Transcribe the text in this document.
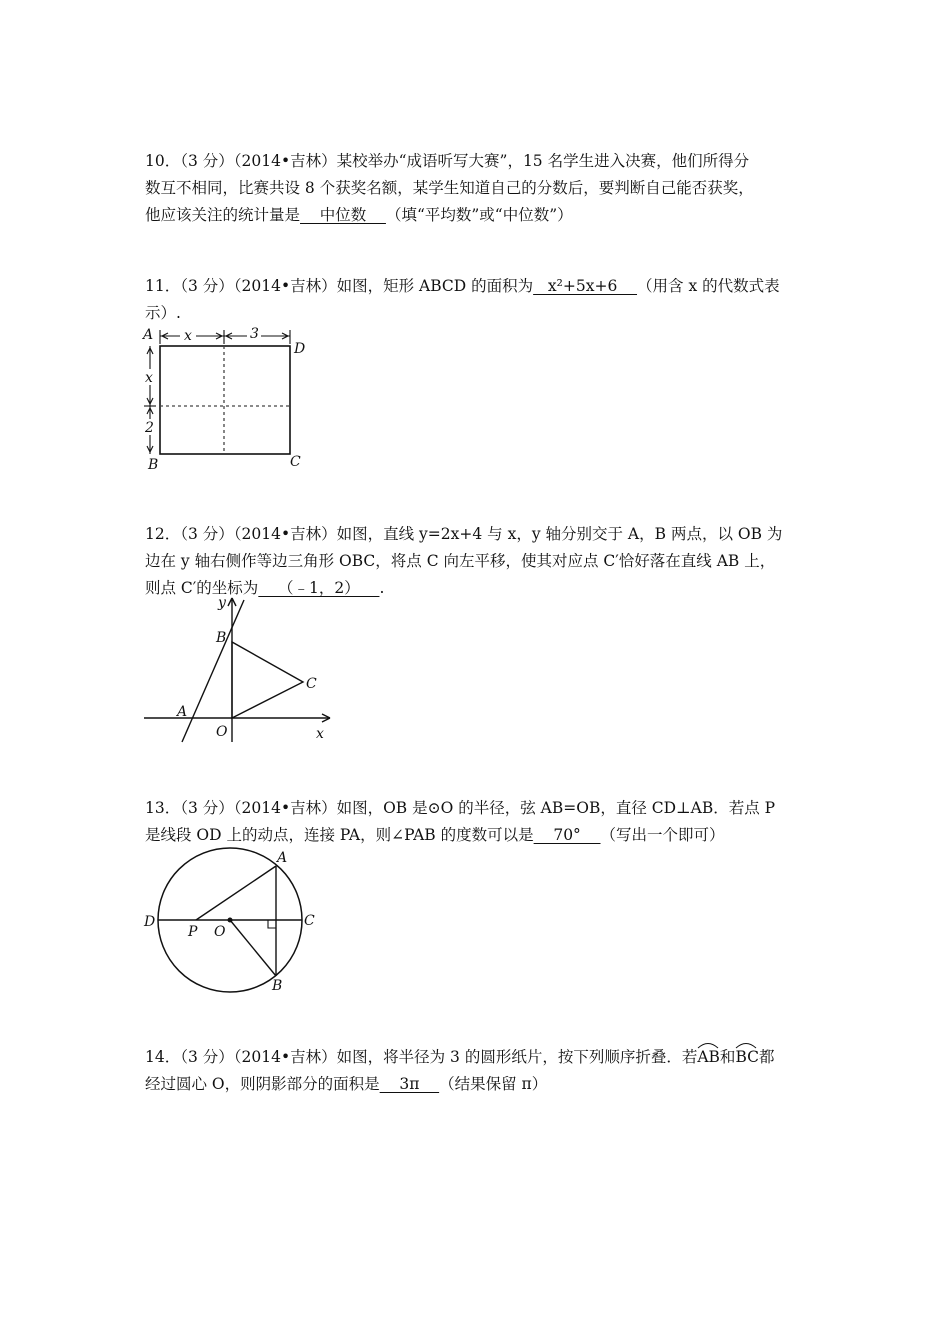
10．（3 分）（2014•吉林）某校举办“成语听写大赛”，15 名学生进入决赛，他们所得分

数互不相同，比赛共设 8 个获奖名额，某学生知道自己的分数后，要判断自己能否获奖，

他应该关注的统计量是    中位数    （填“平均数”或“中位数”）

11．（3 分）（2014•吉林）如图，矩形 ABCD 的面积为   x²+5x+6    （用含 x 的代数式表

示）.

A
D
C
B
x	3
x
2

12．（3 分）（2014•吉林）如图，直线 y=2x+4 与 x，y 轴分别交于 A，B 两点，以 OB 为

边在 y 轴右侧作等边三角形 OBC，将点 C 向左平移，使其对应点 C′恰好落在直线 AB 上，

则点 C′的坐标为    （﹣1，2）    .

y
B
C
A
O	x

13．（3 分）（2014•吉林）如图，OB 是⊙O 的半径，弦 AB=OB，直径 CD⊥AB．若点 P

是线段 OD 上的动点，连接 PA，则∠PAB 的度数可以是    70°    （写出一个即可）

A
B
C
D
P O

14．（3 分）（2014•吉林）如图，将半径为 3 的圆形纸片，按下列顺序折叠．若
AB和
BC都

经过圆心 O，则阴影部分的面积是    3π    （结果保留 π）
